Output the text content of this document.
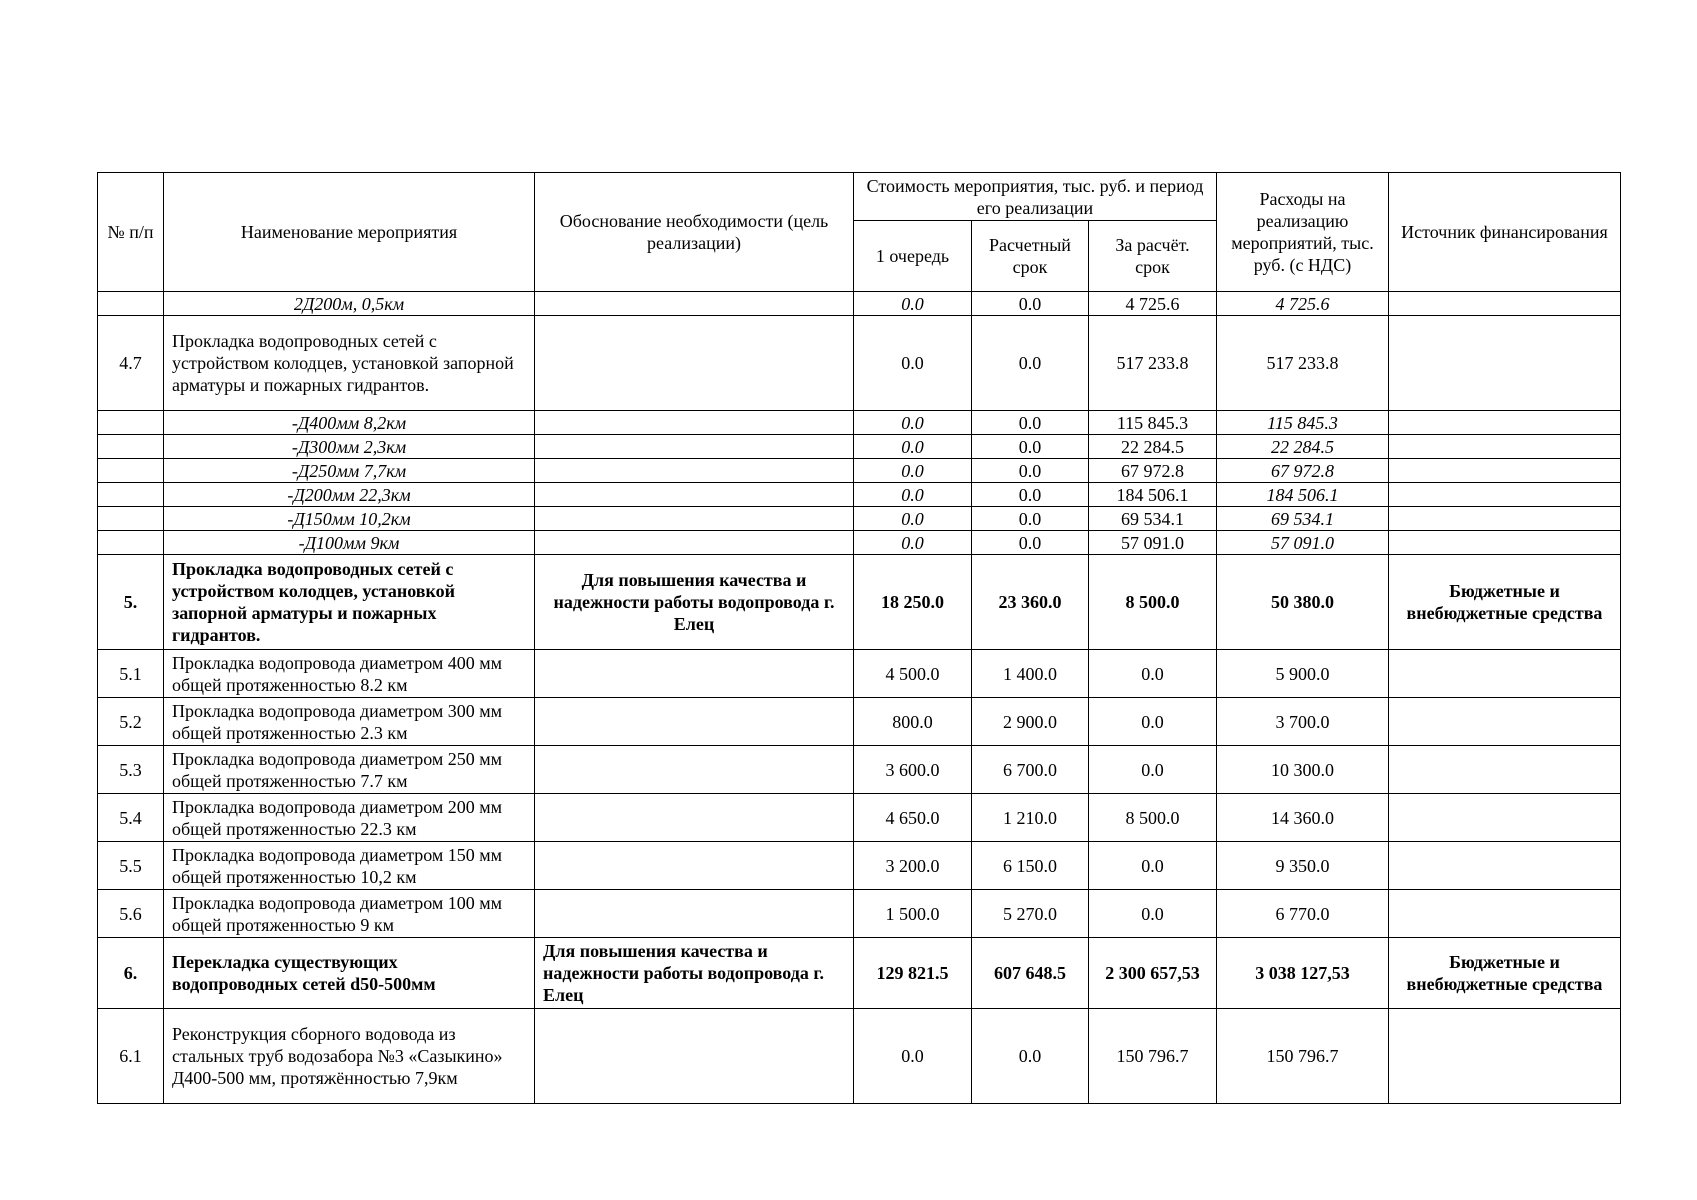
№ п/п	Наименование мероприятия	Обоснование необходимости (цель реализации)	Стоимость мероприятия, тыс. руб. и период его реализации			Расходы на реализацию мероприятий, тыс. руб. (с НДС)	Источник финансирования
			1 очередь	Расчетный срок	За расчёт. срок		
	2Д200м, 0,5км		0.0	0.0	4 725.6	4 725.6	
4.7	Прокладка водопроводных сетей с устройством колодцев, установкой запорной арматуры и пожарных гидрантов.		0.0	0.0	517 233.8	517 233.8	
	-Д400мм 8,2км		0.0	0.0	115 845.3	115 845.3	
	-Д300мм 2,3км		0.0	0.0	22 284.5	22 284.5	
	-Д250мм 7,7км		0.0	0.0	67 972.8	67 972.8	
	-Д200мм 22,3км		0.0	0.0	184 506.1	184 506.1	
	-Д150мм 10,2км		0.0	0.0	69 534.1	69 534.1	
	-Д100мм 9км		0.0	0.0	57 091.0	57 091.0	
5.	Прокладка водопроводных сетей с устройством колодцев, установкой запорной арматуры и пожарных гидрантов.	Для повышения качества и надежности работы водопровода г. Елец	18 250.0	23 360.0	8 500.0	50 380.0	Бюджетные и внебюджетные средства
5.1	Прокладка водопровода диаметром 400 мм общей протяженностью 8.2 км		4 500.0	1 400.0	0.0	5 900.0	
5.2	Прокладка водопровода диаметром 300 мм общей протяженностью 2.3 км		800.0	2 900.0	0.0	3 700.0	
5.3	Прокладка водопровода диаметром 250 мм общей протяженностью 7.7 км		3 600.0	6 700.0	0.0	10 300.0	
5.4	Прокладка водопровода диаметром 200 мм общей протяженностью 22.3 км		4 650.0	1 210.0	8 500.0	14 360.0	
5.5	Прокладка водопровода диаметром 150 мм общей протяженностью 10,2 км		3 200.0	6 150.0	0.0	9 350.0	
5.6	Прокладка водопровода диаметром 100 мм общей протяженностью 9 км		1 500.0	5 270.0	0.0	6 770.0	
6.	Перекладка существующих водопроводных сетей d50-500мм	Для повышения качества и надежности работы водопровода г. Елец	129 821.5	607 648.5	2 300 657,53	3 038 127,53	Бюджетные и внебюджетные средства
6.1	Реконструкция сборного водовода из стальных труб водозабора №3 «Сазыкино» Д400-500 мм, протяжённостью 7,9км		0.0	0.0	150 796.7	150 796.7	
